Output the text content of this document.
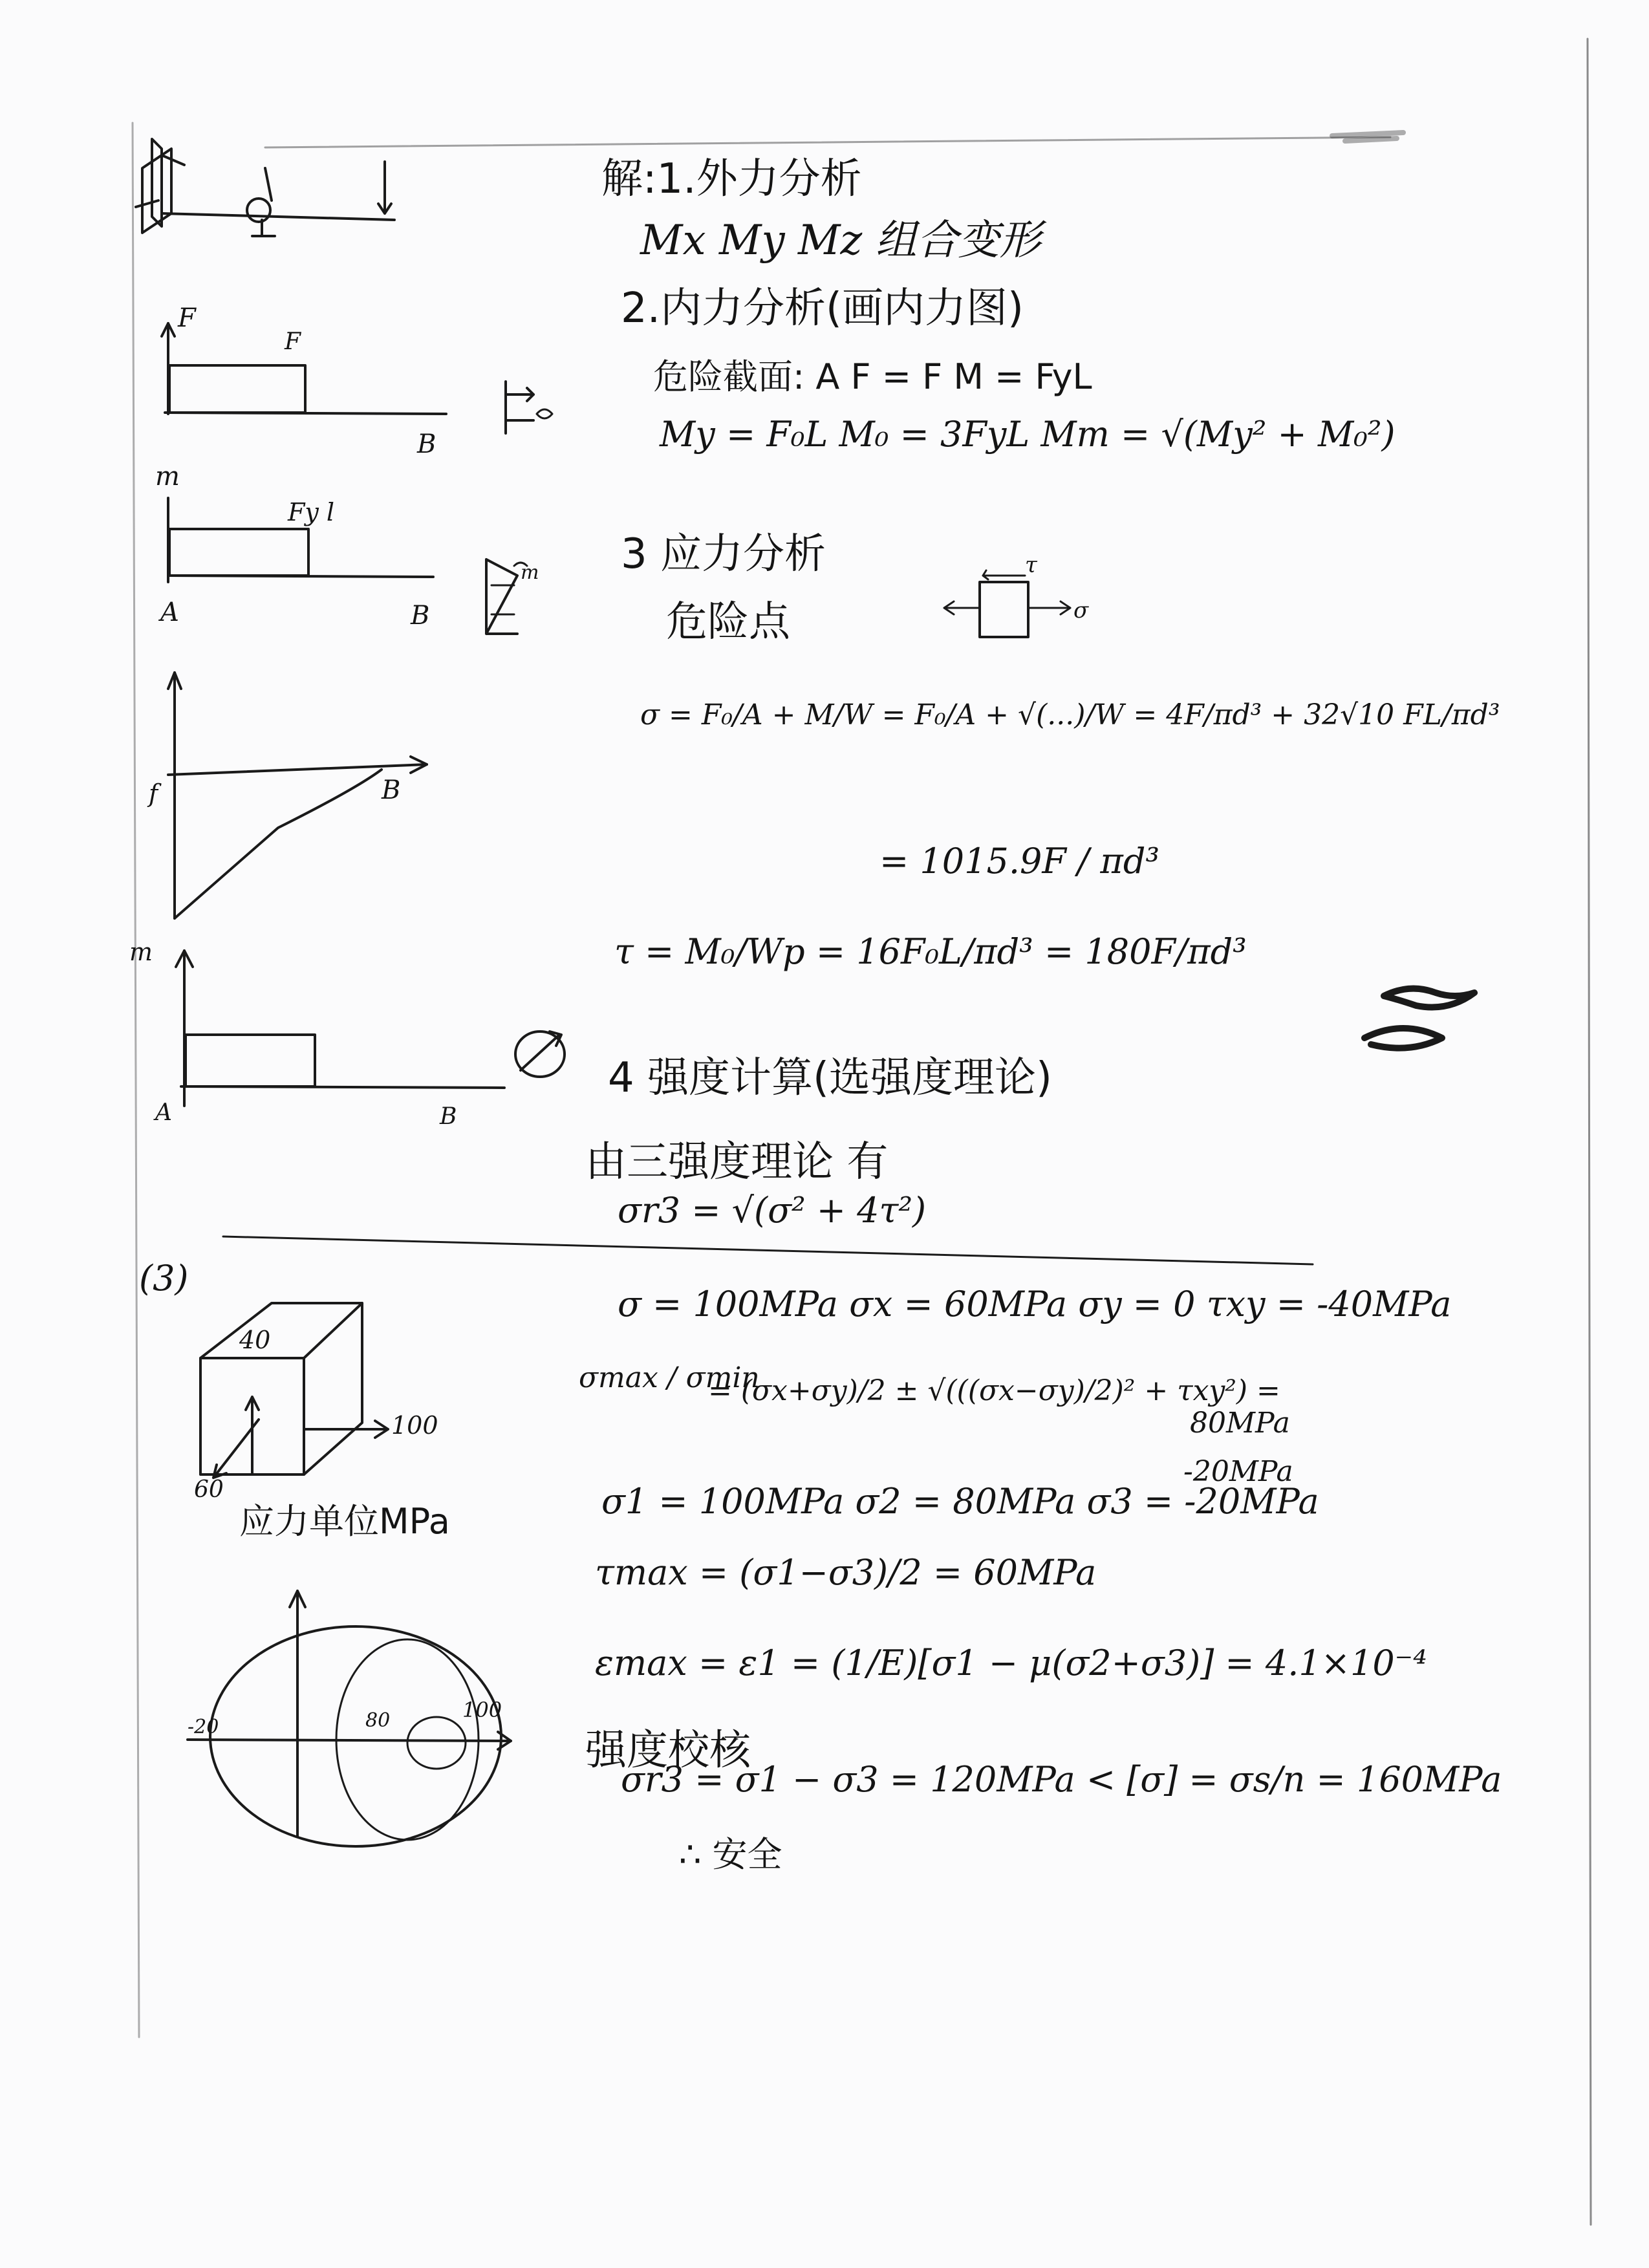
F
F
B
m
Fy l
A	B
m
f	B
m
A	B
(3)
40
100
60
应力单位MPa
-20	80	100
τ
σ
解:1.外力分析
Mx My Mz 组合变形
2.内力分析(画内力图)
危险截面: A F = F M = FyL
My = F₀L M₀ = 3FyL Mm = √(My² + M₀²)
3 应力分析
危险点
σ = F₀/A + M/W = F₀/A + √(...)/W = 4F/πd³ + 32√10 FL/πd³
= 1015.9F / πd³
τ = M₀/Wp = 16F₀L/πd³ = 180F/πd³
4 强度计算(选强度理论)
由三强度理论 有
σr3 = √(σ² + 4τ²)
σ = 100MPa σx = 60MPa σy = 0 τxy = -40MPa
σmax / σmin
= (σx+σy)/2 ± √(((σx−σy)/2)² + τxy²) =
80MPa
-20MPa
σ1 = 100MPa σ2 = 80MPa σ3 = -20MPa
τmax = (σ1−σ3)/2 = 60MPa
εmax = ε1 = (1/E)[σ1 − μ(σ2+σ3)] = 4.1×10⁻⁴
强度校核
σr3 = σ1 − σ3 = 120MPa < [σ] = σs/n = 160MPa
∴ 安全
